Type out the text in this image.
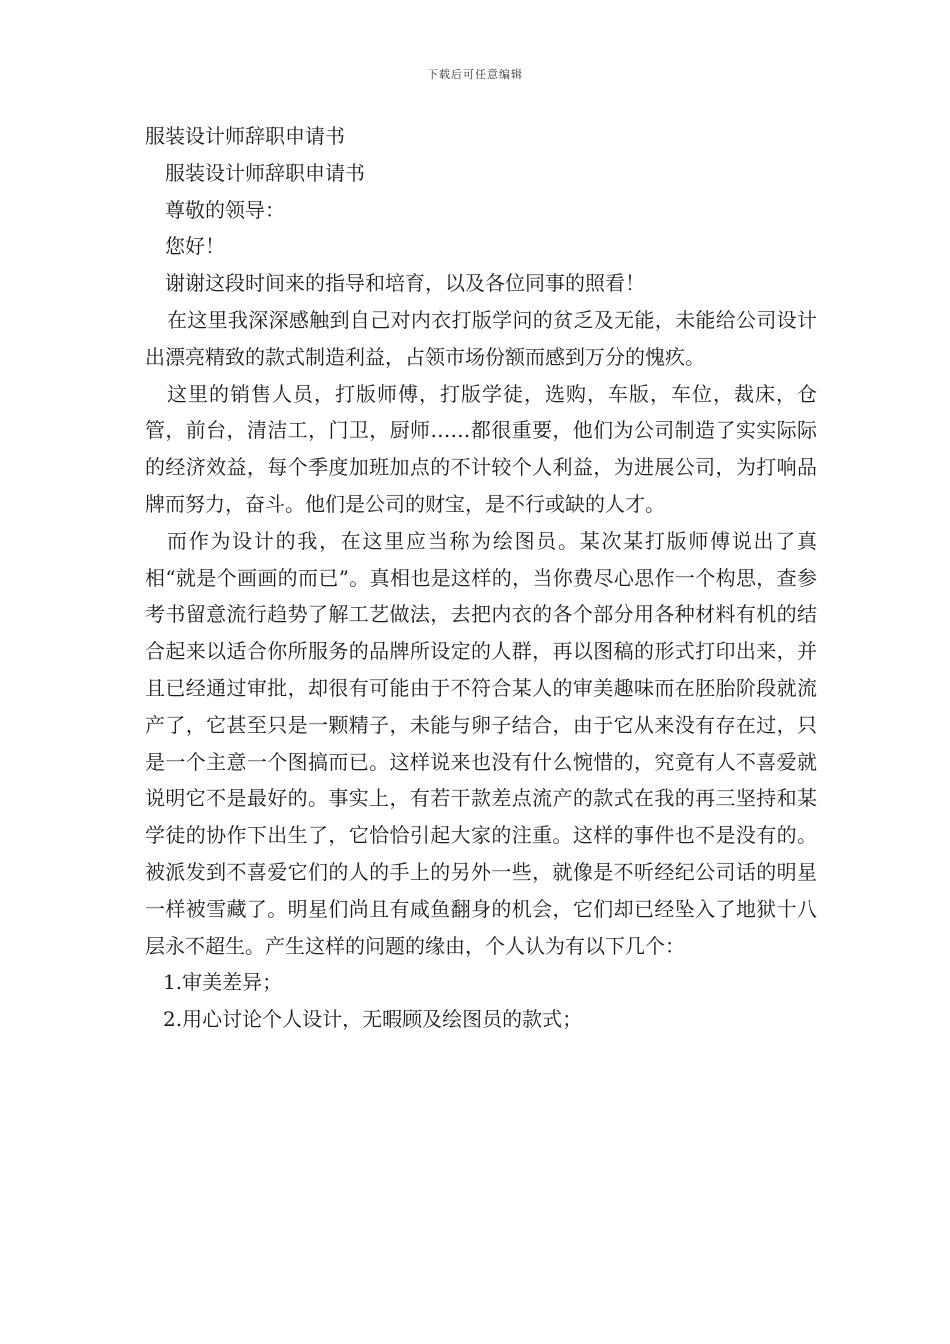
下载后可任意编辑

服装设计师辞职申请书

服装设计师辞职申请书

尊敬的领导：

您好！

谢谢这段时间来的指导和培育，以及各位同事的照看！

在这里我深深感触到自己对内衣打版学问的贫乏及无能，未能给公司设计出漂亮精致的款式制造利益，占领市场份额而感到万分的愧疚。

这里的销售人员，打版师傅，打版学徒，选购，车版，车位，裁床，仓管，前台，清洁工，门卫，厨师……都很重要，他们为公司制造了实实际际的经济效益，每个季度加班加点的不计较个人利益，为进展公司，为打响品牌而努力，奋斗。他们是公司的财宝，是不行或缺的人才。

而作为设计的我，在这里应当称为绘图员。某次某打版师傅说出了真相“就是个画画的而已”。真相也是这样的，当你费尽心思作一个构思，查参考书留意流行趋势了解工艺做法，去把内衣的各个部分用各种材料有机的结合起来以适合你所服务的品牌所设定的人群，再以图稿的形式打印出来，并且已经通过审批，却很有可能由于不符合某人的审美趣味而在胚胎阶段就流产了，它甚至只是一颗精子，未能与卵子结合，由于它从来没有存在过，只是一个主意一个图搞而已。这样说来也没有什么惋惜的，究竟有人不喜爱就说明它不是最好的。事实上，有若干款差点流产的款式在我的再三坚持和某学徒的协作下出生了，它恰恰引起大家的注重。这样的事件也不是没有的。被派发到不喜爱它们的人的手上的另外一些，就像是不听经纪公司话的明星一样被雪藏了。明星们尚且有咸鱼翻身的机会，它们却已经坠入了地狱十八层永不超生。产生这样的问题的缘由，个人认为有以下几个：

1.审美差异；

2.用心讨论个人设计，无暇顾及绘图员的款式；
